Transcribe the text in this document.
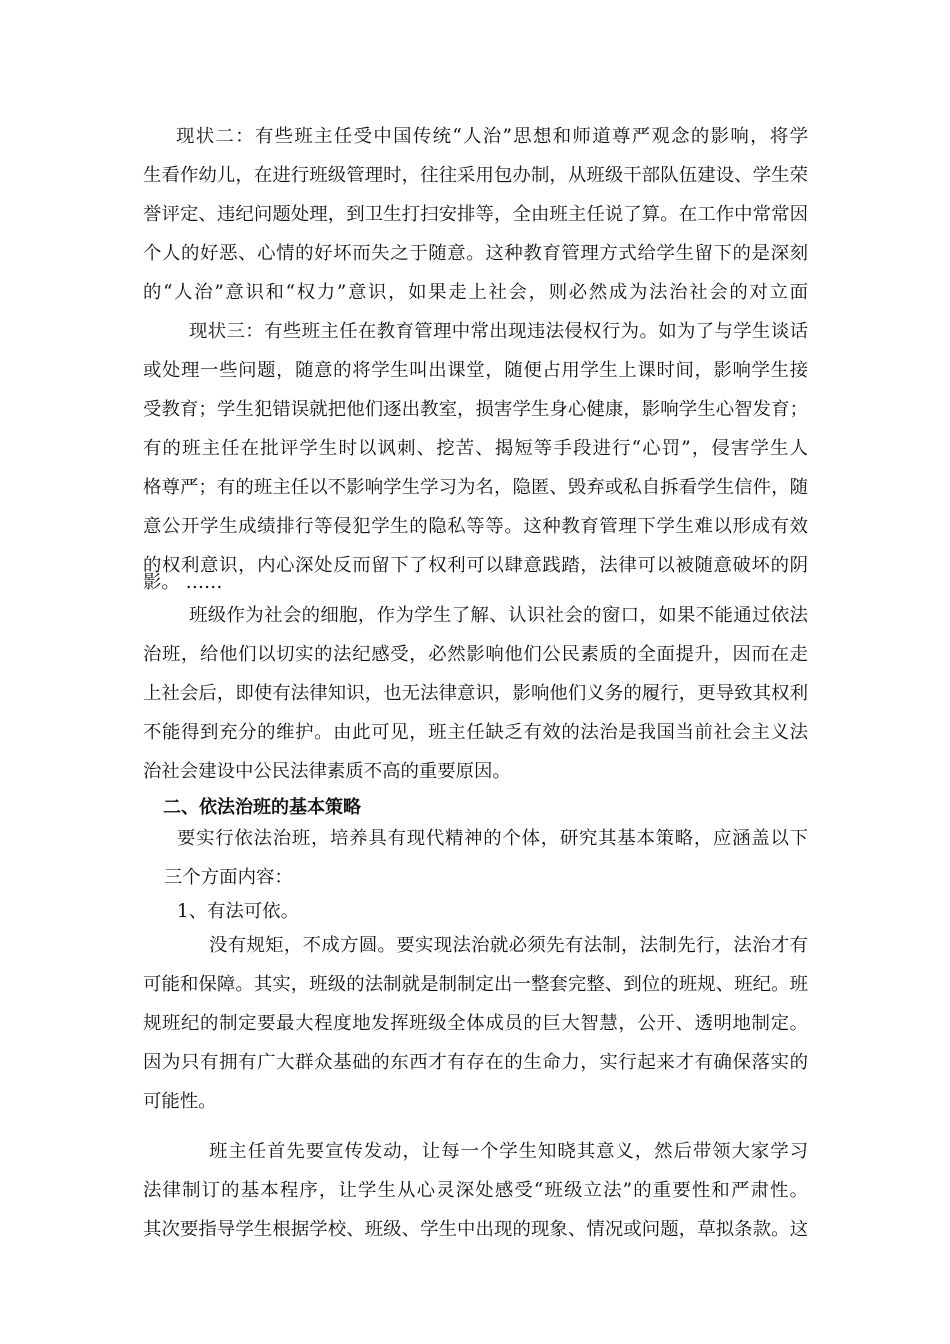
现状二：有些班主任受中国传统“人治”思想和师道尊严观念的影响，将学
生看作幼儿，在进行班级管理时，往往采用包办制，从班级干部队伍建设、学生荣
誉评定、违纪问题处理，到卫生打扫安排等，全由班主任说了算。在工作中常常因
个人的好恶、心情的好坏而失之于随意。这种教育管理方式给学生留下的是深刻
的“人治”意识和“权力”意识，如果走上社会，则必然成为法治社会的对立面
现状三：有些班主任在教育管理中常出现违法侵权行为。如为了与学生谈话
或处理一些问题，随意的将学生叫出课堂，随便占用学生上课时间，影响学生接
受教育；学生犯错误就把他们逐出教室，损害学生身心健康，影响学生心智发育；
有的班主任在批评学生时以讽刺、挖苦、揭短等手段进行“心罚”，侵害学生人
格尊严；有的班主任以不影响学生学习为名，隐匿、毁弃或私自拆看学生信件，随
意公开学生成绩排行等侵犯学生的隐私等等。这种教育管理下学生难以形成有效
的权利意识，内心深处反而留下了权利可以肆意践踏，法律可以被随意破坏的阴
影。 ……
班级作为社会的细胞，作为学生了解、认识社会的窗口，如果不能通过依法
治班，给他们以切实的法纪感受，必然影响他们公民素质的全面提升，因而在走
上社会后，即使有法律知识，也无法律意识，影响他们义务的履行，更导致其权利
不能得到充分的维护。由此可见，班主任缺乏有效的法治是我国当前社会主义法
治社会建设中公民法律素质不高的重要原因。
二、依法治班的基本策略
要实行依法治班，培养具有现代精神的个体，研究其基本策略，应涵盖以下
三个方面内容：
1、有法可依。
没有规矩，不成方圆。要实现法治就必须先有法制，法制先行，法治才有
可能和保障。其实，班级的法制就是制制定出一整套完整、到位的班规、班纪。班
规班纪的制定要最大程度地发挥班级全体成员的巨大智慧，公开、透明地制定。
因为只有拥有广大群众基础的东西才有存在的生命力，实行起来才有确保落实的
可能性。
班主任首先要宣传发动，让每一个学生知晓其意义，然后带领大家学习
法律制订的基本程序，让学生从心灵深处感受“班级立法”的重要性和严肃性。
其次要指导学生根据学校、班级、学生中出现的现象、情况或问题，草拟条款。这
